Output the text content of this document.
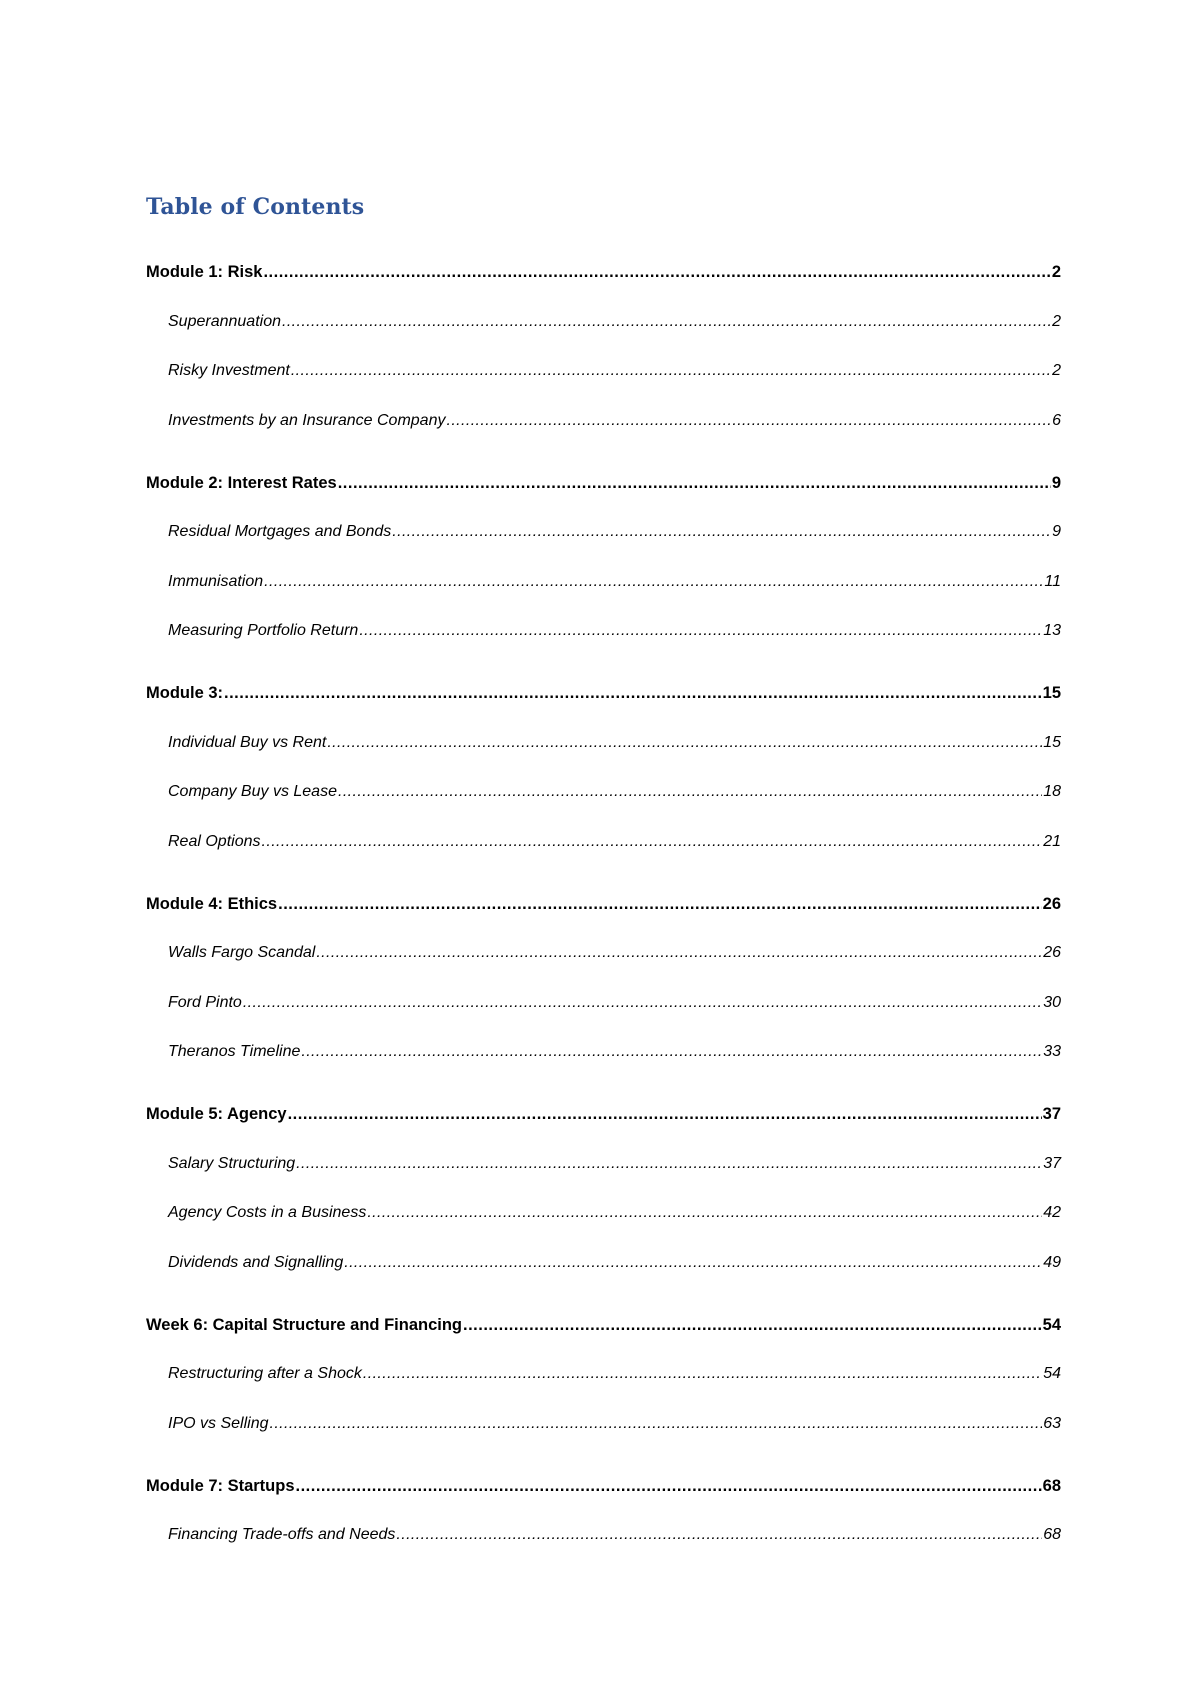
Table of Contents
Module 1: Risk .....	2
Superannuation .....	2
Risky Investment .....	2
Investments by an Insurance Company .....	6
Module 2: Interest Rates .....	9
Residual Mortgages and Bonds .....	9
Immunisation .....	11
Measuring Portfolio Return .....	13
Module 3: .....	15
Individual Buy vs Rent .....	15
Company Buy vs Lease .....	18
Real Options .....	21
Module 4: Ethics .....	26
Walls Fargo Scandal .....	26
Ford Pinto .....	30
Theranos Timeline .....	33
Module 5: Agency .....	37
Salary Structuring .....	37
Agency Costs in a Business .....	42
Dividends and Signalling .....	49
Week 6: Capital Structure and Financing .....	54
Restructuring after a Shock .....	54
IPO vs Selling .....	63
Module 7: Startups .....	68
Financing Trade-offs and Needs .....	68
